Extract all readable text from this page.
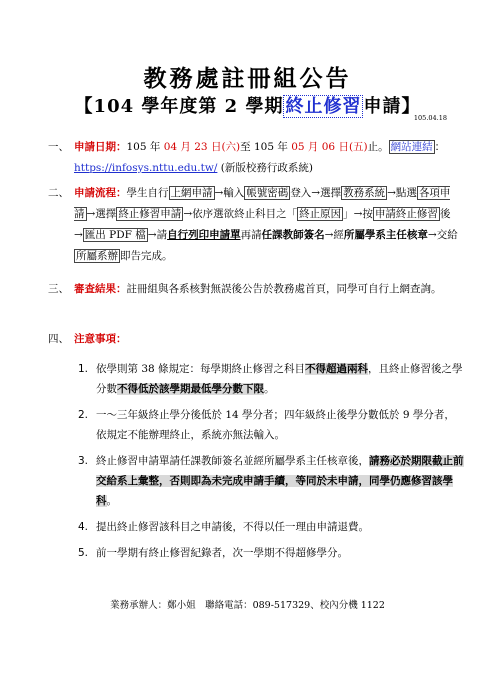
教務處註冊組公告
【104 學年度第 2 學期 終止修習 申請】
105.04.18
一、 申請日期：105 年 04 月 23 日(六)至 105 年 05 月 06 日(五)止。 網站連結 ：
https://infosys.nttu.edu.tw/ (新版校務行政系統)
二、 申請流程：學生自行 上網申請 →輸入 帳號密碼 登入→選擇 教務系統 →點選 各項申請 →選擇 終止修習申請 →依序選欲終止科目之「 終止原因 」→按 申請終止修習 後→ 匯出 PDF 檔 →請自行列印申請單再請任課教師簽名→經所屬學系主任核章→交給所屬系辦 即告完成。
三、 審查結果：註冊組與各系核對無誤後公告於教務處首頁，同學可自行上網查詢。
四、 注意事項：
1. 依學則第 38 條規定：每學期終止修習之科目不得超過兩科，且終止修習後之學分數不得低於該學期最低學分數下限。
2. 一～三年級終止學分後低於 14 學分者；四年級終止後學分數低於 9 學分者，依規定不能辦理終止，系統亦無法輸入。
3. 終止修習申請單請任課教師簽名並經所屬學系主任核章後，請務必於期限截止前交給系上彙整，否則即為未完成申請手續，等同於未申請，同學仍應修習該學科。
4. 提出終止修習該科目之申請後，不得以任一理由申請退費。
5. 前一學期有終止修習紀錄者，次一學期不得超修學分。
業務承辦人：鄭小姐　聯絡電話：089-517329、校內分機 1122
